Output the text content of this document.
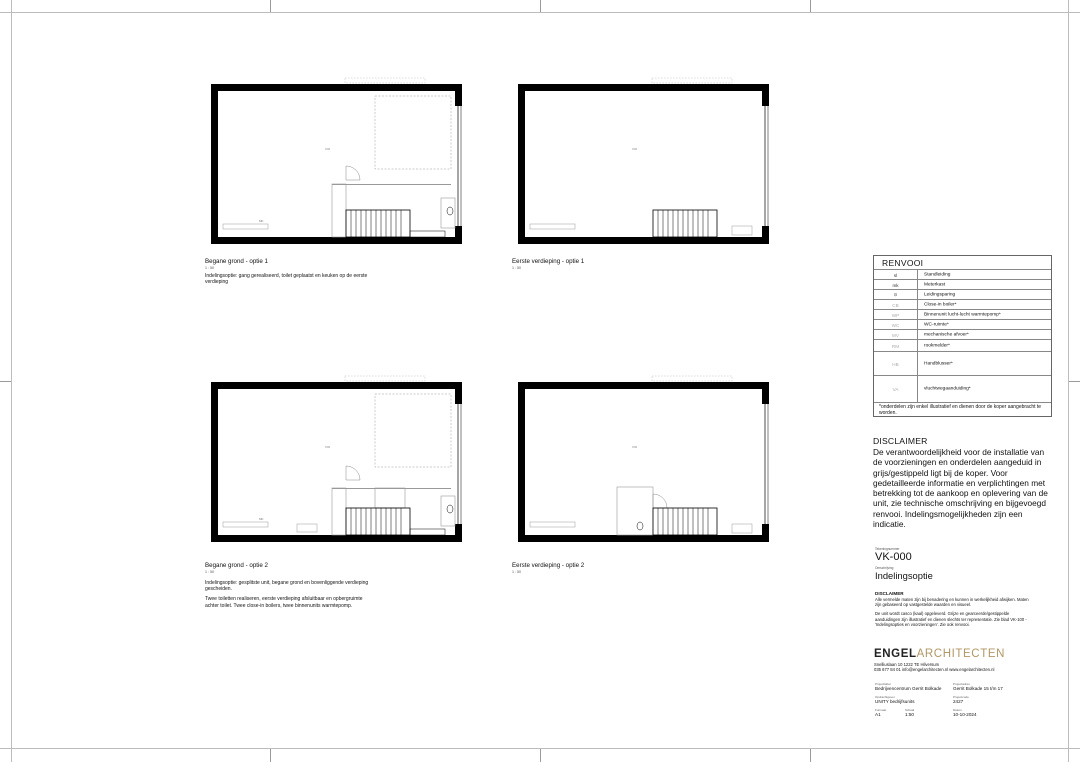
VIO
MK
Begane grond - optie 1
1 : 50

Indelingsoptie: gang gerealiseerd, toilet geplaatst en keuken op de eerste verdieping

VIO
Eerste verdieping - optie 1
1 : 50
VIO
MK
Begane grond - optie 2
1 : 50

Indelingsoptie: gesplitste unit, begane grond en bovenliggende verdieping gescheiden.

Twee toiletten realiseren, eerste verdieping afsluitbaar en opbergruimte achter toilet. Twee close-in boilers, twee binnenunits warmtepomp.

VIO
Eerste verdieping - optie 2
1 : 50
RENVOOI
sl	Standleiding
mk	Meterkast
⊙	Leidingsparing
CB	Close-in boiler*
WP	Binnenunit lucht-lucht warmtepomp*
WC	WC-ruimte*
MV	mechanische afvoer*
RM	rookmelder*
HB	Handblusser*
VA	vluchtwegaanduiding*
*onderdelen zijn enkel illustratief en dienen door de koper aangebracht te worden.
DISCLAIMER
De verantwoordelijkheid voor de installatie van de voorzieningen en onderdelen aangeduid in grijs/gestippeld ligt bij de koper. Voor gedetailleerde informatie en verplichtingen met betrekking tot de aankoop en oplevering van de unit, zie technische omschrijving en bijgevoegd renvooi. Indelingsmogelijkheden zijn een indicatie.
Tekeningnummer
VK-000
Omschrijving
Indelingsoptie
DISCLAIMER

Alle vermelde maten zijn bij benadering en kunnen in werkelijkheid afwijken. Maten zijn gebaseerd op vastgestelde waarden en visueel.

De unit wordt casco (kaal) opgeleverd. Grijze en gearceerde/gestippelde aanduidingen zijn illustratief en dienen slechts ter representatie. Zie blad VK-100 - 'Indelingsopties en voorzieningen'. Zie ook renvooi.

ENGELARCHITECTEN
Snelliuslaan 10 1222 TE Hilversum
035 677 84 01 info@engelarchitecten.nl www.engelarchitecten.nl
Projectlabel
Bedrijvencentrum Gerrit Bolkade
Projectadres
Gerrit Bolkade 15 t/m 17
Opdrachtgever
UNITY bedrijfsunits
Projectcode
2427
Formaat
A1
Schaal
1:50
Datum
10-10-2024
